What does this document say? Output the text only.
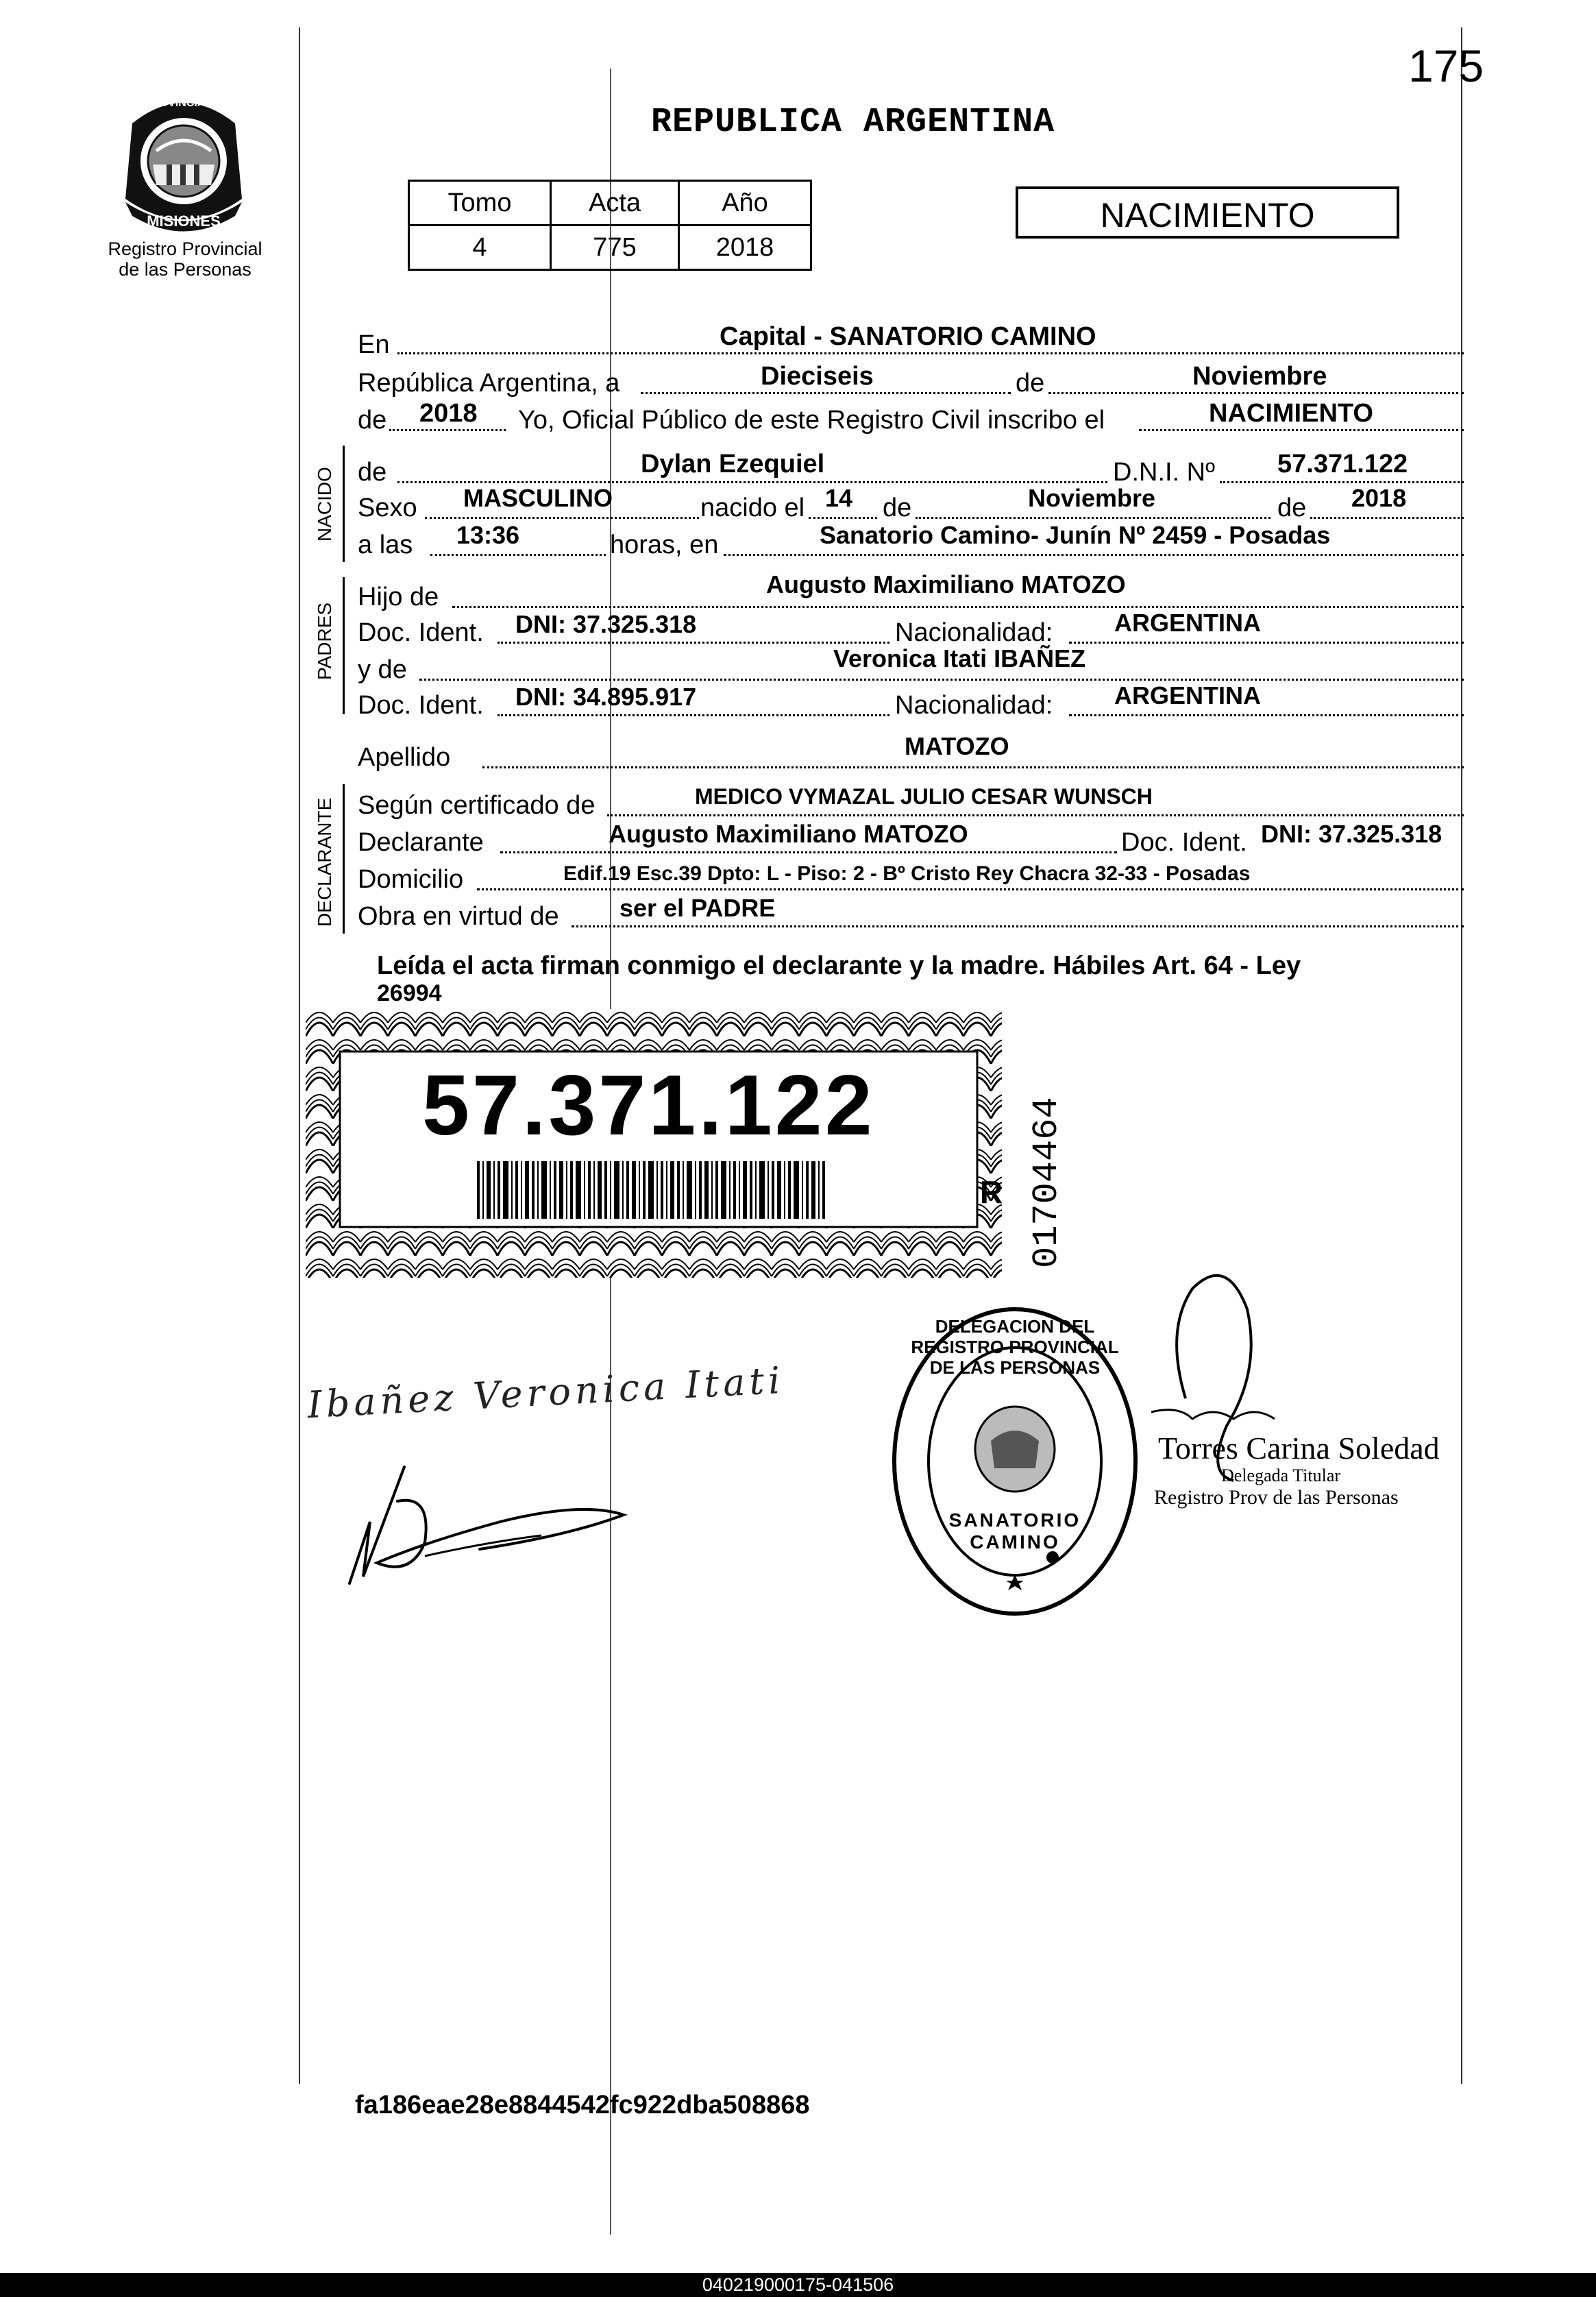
175
PROVINCIA DE
MISIONES
Registro Provincial
de las Personas
REPUBLICA ARGENTINA
Tomo	Acta	Año
4	775	2018
NACIMIENTO
En	Capital - SANATORIO CAMINO
República Argentina, a	Dieciseis	de	Noviembre
de 2018 Yo, Oficial Público de este Registro Civil inscribo el	NACIMIENTO
NACIDO de	Dylan Ezequiel	D.N.I. Nº 57.371.122
Sexo MASCULINO	nacido el 14 de	Noviembre	de 2018
a las 13:36	horas, en	Sanatorio Camino- Junín Nº 2459 - Posadas
PADRES
Hijo de	Augusto Maximiliano MATOZO
Doc. Ident. DNI: 37.325.318	Nacionalidad: ARGENTINA
y de	Veronica Itati IBAÑEZ
Doc. Ident. DNI: 34.895.917	Nacionalidad: ARGENTINA
Apellido	MATOZO
DECLARANTE Según certificado de	MEDICO VYMAZAL JULIO CESAR WUNSCH
Declarante	Augusto Maximiliano MATOZO	Doc. Ident. DNI: 37.325.318
Domicilio	Edif.19 Esc.39 Dpto: L - Piso: 2 - Bº Cristo Rey Chacra 32-33 - Posadas
Obra en virtud de ser el PADRE
Leída el acta firman conmigo el declarante y la madre. Hábiles Art. 64 - Ley
26994
57.371.122
R 01704464
Ibañez Veronica Itati
DELEGACION DEL REGISTRO PROVINCIAL DE LAS PERSONAS
SANATORIO CAMINO
Torres Carina Soledad
Delegada Titular
Registro Prov de las Personas
fa186eae28e8844542fc922dba508868
040219000175-041506
